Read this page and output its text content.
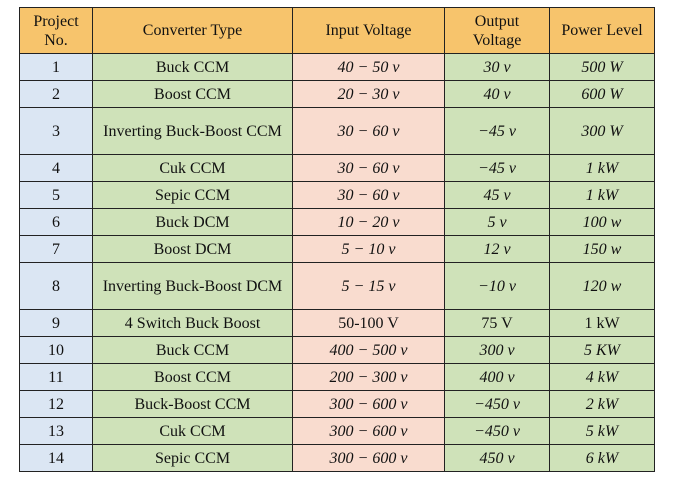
Project No.	Converter Type	Input Voltage	Output Voltage	Power Level
1	Buck CCM	40 − 50 v	30 v	500 W
2	Boost CCM	20 − 30 v	40 v	600 W
3	Inverting Buck-Boost CCM	30 − 60 v	−45 v	300 W
4	Cuk CCM	30 − 60 v	−45 v	1 kW
5	Sepic CCM	30 − 60 v	45 v	1 kW
6	Buck DCM	10 − 20 v	5 v	100 w
7	Boost DCM	5 − 10 v	12 v	150 w
8	Inverting Buck-Boost DCM	5 − 15 v	−10 v	120 w
9	4 Switch Buck Boost	50-100 V	75 V	1 kW
10	Buck CCM	400 − 500 v	300 v	5 KW
11	Boost CCM	200 − 300 v	400 v	4 kW
12	Buck-Boost CCM	300 − 600 v	−450 v	2 kW
13	Cuk CCM	300 − 600 v	−450 v	5 kW
14	Sepic CCM	300 − 600 v	450 v	6 kW
